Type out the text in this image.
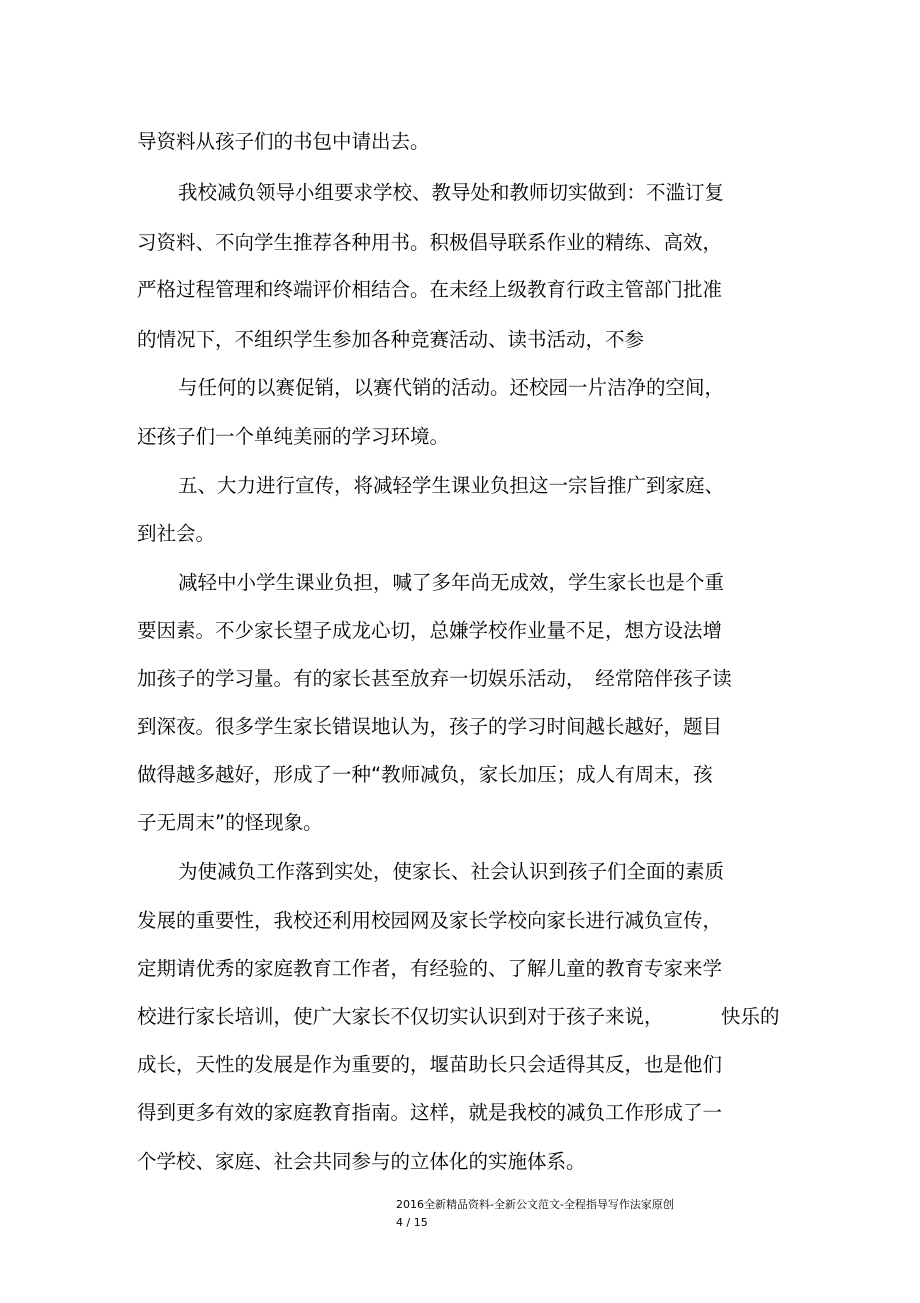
导资料从孩子们的书包中请出去。
我校减负领导小组要求学校、教导处和教师切实做到：不滥订复
习资料、不向学生推荐各种用书。积极倡导联系作业的精练、高效，
严格过程管理和终端评价相结合。在未经上级教育行政主管部门批准
的情况下，不组织学生参加各种竞赛活动、读书活动，不参
与任何的以赛促销，以赛代销的活动。还校园一片洁净的空间，
还孩子们一个单纯美丽的学习环境。
五、大力进行宣传，将减轻学生课业负担这一宗旨推广到家庭、
到社会。
减轻中小学生课业负担，喊了多年尚无成效，学生家长也是个重
要因素。不少家长望子成龙心切，总嫌学校作业量不足，想方设法增
加孩子的学习量。有的家长甚至放弃一切娱乐活动，　经常陪伴孩子读
到深夜。很多学生家长错误地认为，孩子的学习时间越长越好，题目
做得越多越好，形成了一种“教师减负，家长加压；成人有周末，孩
子无周末”的怪现象。
为使减负工作落到实处，使家长、社会认识到孩子们全面的素质
发展的重要性，我校还利用校园网及家长学校向家长进行减负宣传，
定期请优秀的家庭教育工作者，有经验的、了解儿童的教育专家来学
校进行家长培训，使广大家长不仅切实认识到对于孩子来说，	快乐的
成长，天性的发展是作为重要的，堰苗助长只会适得其反，也是他们
得到更多有效的家庭教育指南。这样，就是我校的减负工作形成了一
个学校、家庭、社会共同参与的立体化的实施体系。
2016全新精品资料-全新公文范文-全程指导写作法家原创
4 / 15
